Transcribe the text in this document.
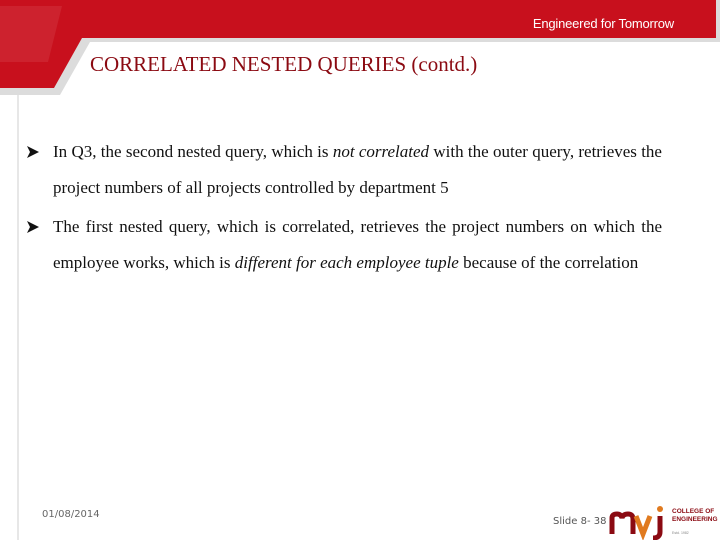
Engineered for Tomorrow
CORRELATED NESTED QUERIES (contd.)
In Q3, the second nested query, which is not correlated with the outer query, retrieves the project numbers of all projects controlled by department 5
The first nested query, which is correlated, retrieves the project numbers on which the employee works, which is different for each employee tuple because of the correlation
01/08/2014
Slide 8- 38
COLLEGE OF
ENGINEERING
Estd. 1982
